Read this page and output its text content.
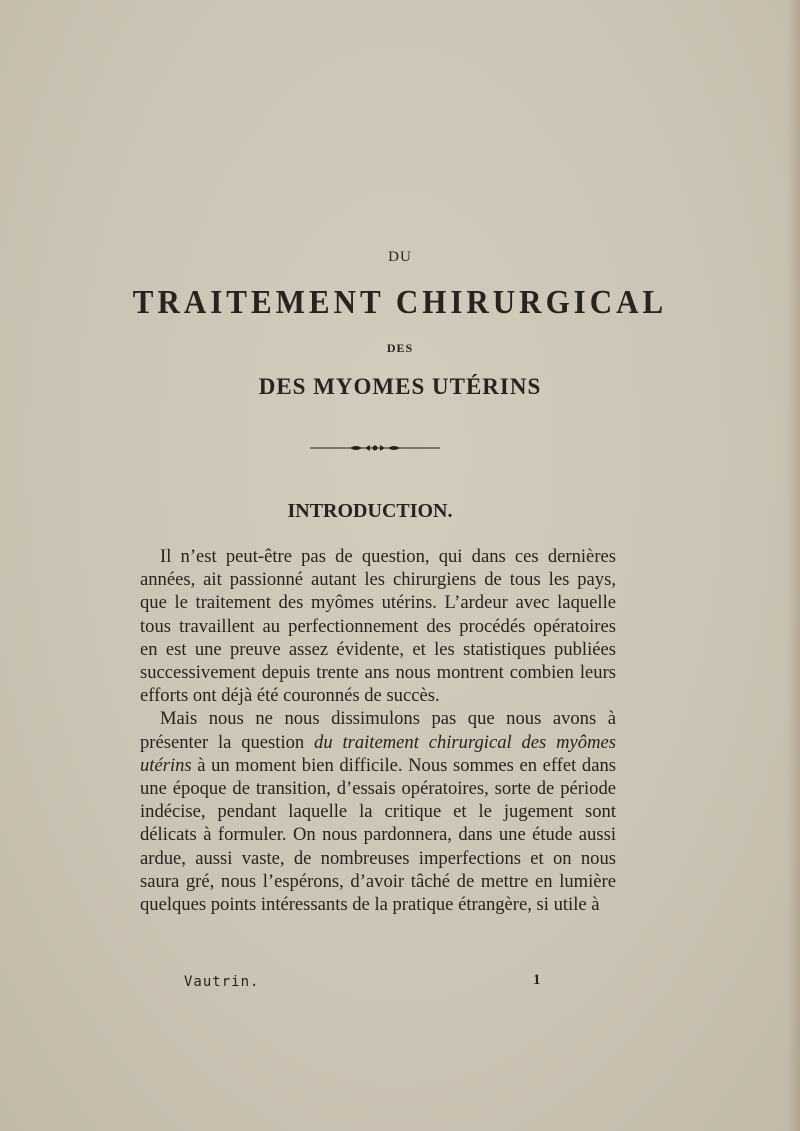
DU
TRAITEMENT CHIRURGICAL
DES
DES MYOMES UTÉRINS
INTRODUCTION.

Il n’est peut-être pas de question, qui dans ces dernières années, ait passionné autant les chirurgiens de tous les pays, que le traitement des myômes utérins. L’ardeur avec laquelle tous travaillent au perfectionnement des procédés opératoires en est une preuve assez évidente, et les statistiques publiées successivement depuis trente ans nous montrent combien leurs efforts ont déjà été couronnés de succès.

Mais nous ne nous dissimulons pas que nous avons à présenter la question du traitement chirurgical des myômes utérins à un moment bien difficile. Nous sommes en effet dans une époque de transition, d’essais opératoires, sorte de période indécise, pendant laquelle la critique et le jugement sont délicats à formuler. On nous pardonnera, dans une étude aussi ardue, aussi vaste, de nombreuses imperfections et on nous saura gré, nous l’espérons, d’avoir tâché de mettre en lumière quelques points intéressants de la pratique étrangère, si utile à

Vautrin.	1
